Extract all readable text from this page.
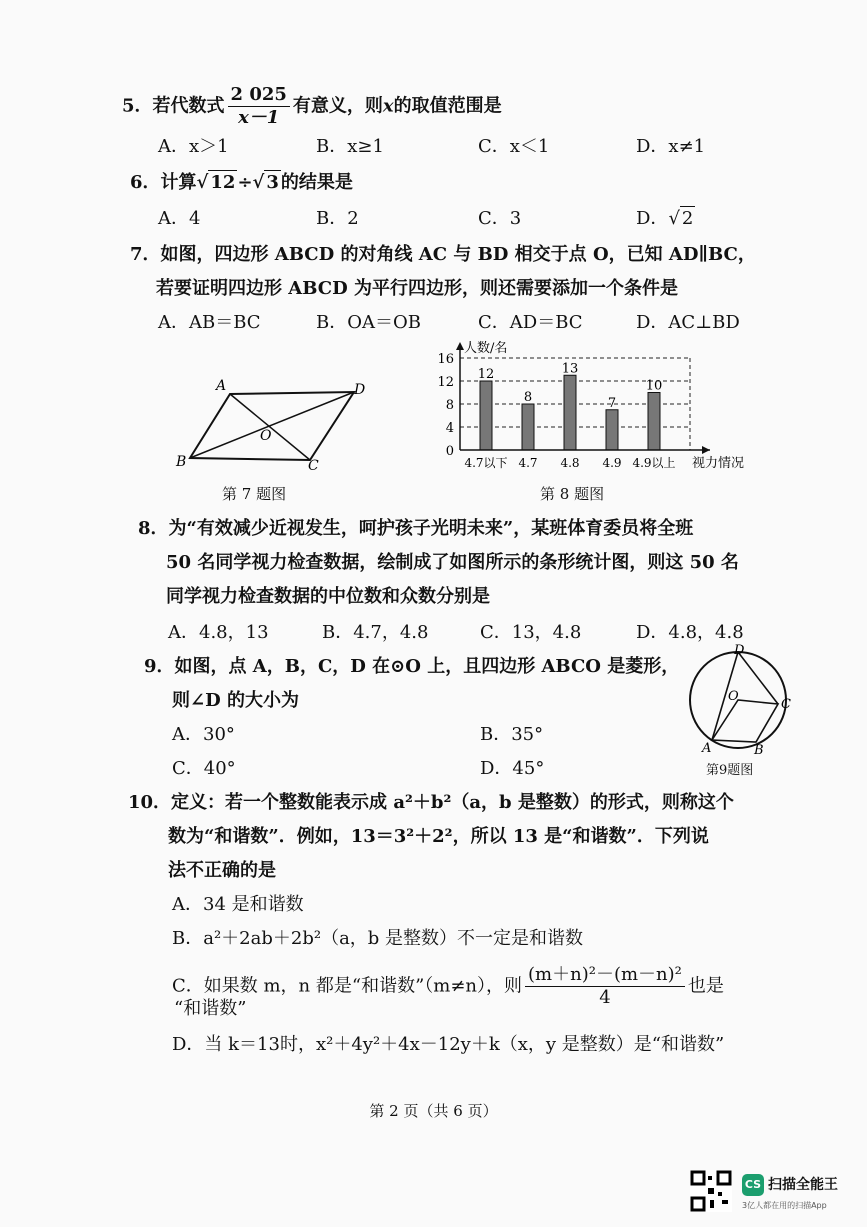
5．若代数式 $\frac{2 025}{x-1}$ 有意义，则x的取值范围是
A．x＞1	B．x≥1	C．x＜1	D．x≠1
6．计算√ 12 ÷√ 3 的结果是
A．4	B．2	C．3	D．√ 2
7．如图，四边形 ABCD 的对角线 AC 与 BD 相交于点 O，已知 AD∥BC，
若要证明四边形 ABCD 为平行四边形，则还需要添加一个条件是
A．AB＝BC	B．OA＝OB	C．AD＝BC	D．AC⊥BD
A	D
B	C
O
第 7 题图
12
8
13
7
10
0
4
8
12
16
人数/名
视力情况
4.7以下 4.7 4.8 4.9 4.9以上
第 8 题图
8．为“有效减少近视发生，呵护孩子光明未来”，某班体育委员将全班
50 名同学视力检查数据，绘制成了如图所示的条形统计图，则这 50 名
同学视力检查数据的中位数和众数分别是
A．4.8，13	B．4.7，4.8	C．13，4.8	D．4.8，4.8
9．如图，点 A，B，C，D 在⊙O 上，且四边形 ABCO 是菱形，
则∠D 的大小为
A．30°	B．35°
C．40°	D．45°
D
O
C
A	B
第9题图
10．定义：若一个整数能表示成 a²＋b²（a，b 是整数）的形式，则称这个
数为“和谐数”．例如，13＝3²＋2²，所以 13 是“和谐数”．下列说
法不正确的是
A．34 是和谐数
B．a²＋2ab＋2b²（a，b 是整数）不一定是和谐数
C．如果数 m，n 都是“和谐数”（m≠n），则 $\frac{\text{(m＋n)²－(m－n)²}}{4}$ 也是
“和谐数”
D．当 k＝13时，x²＋4y²＋4x－12y＋k（x，y 是整数）是“和谐数”
第 2 页（共 6 页）
CS 扫描全能王
3亿人都在用的扫描App
